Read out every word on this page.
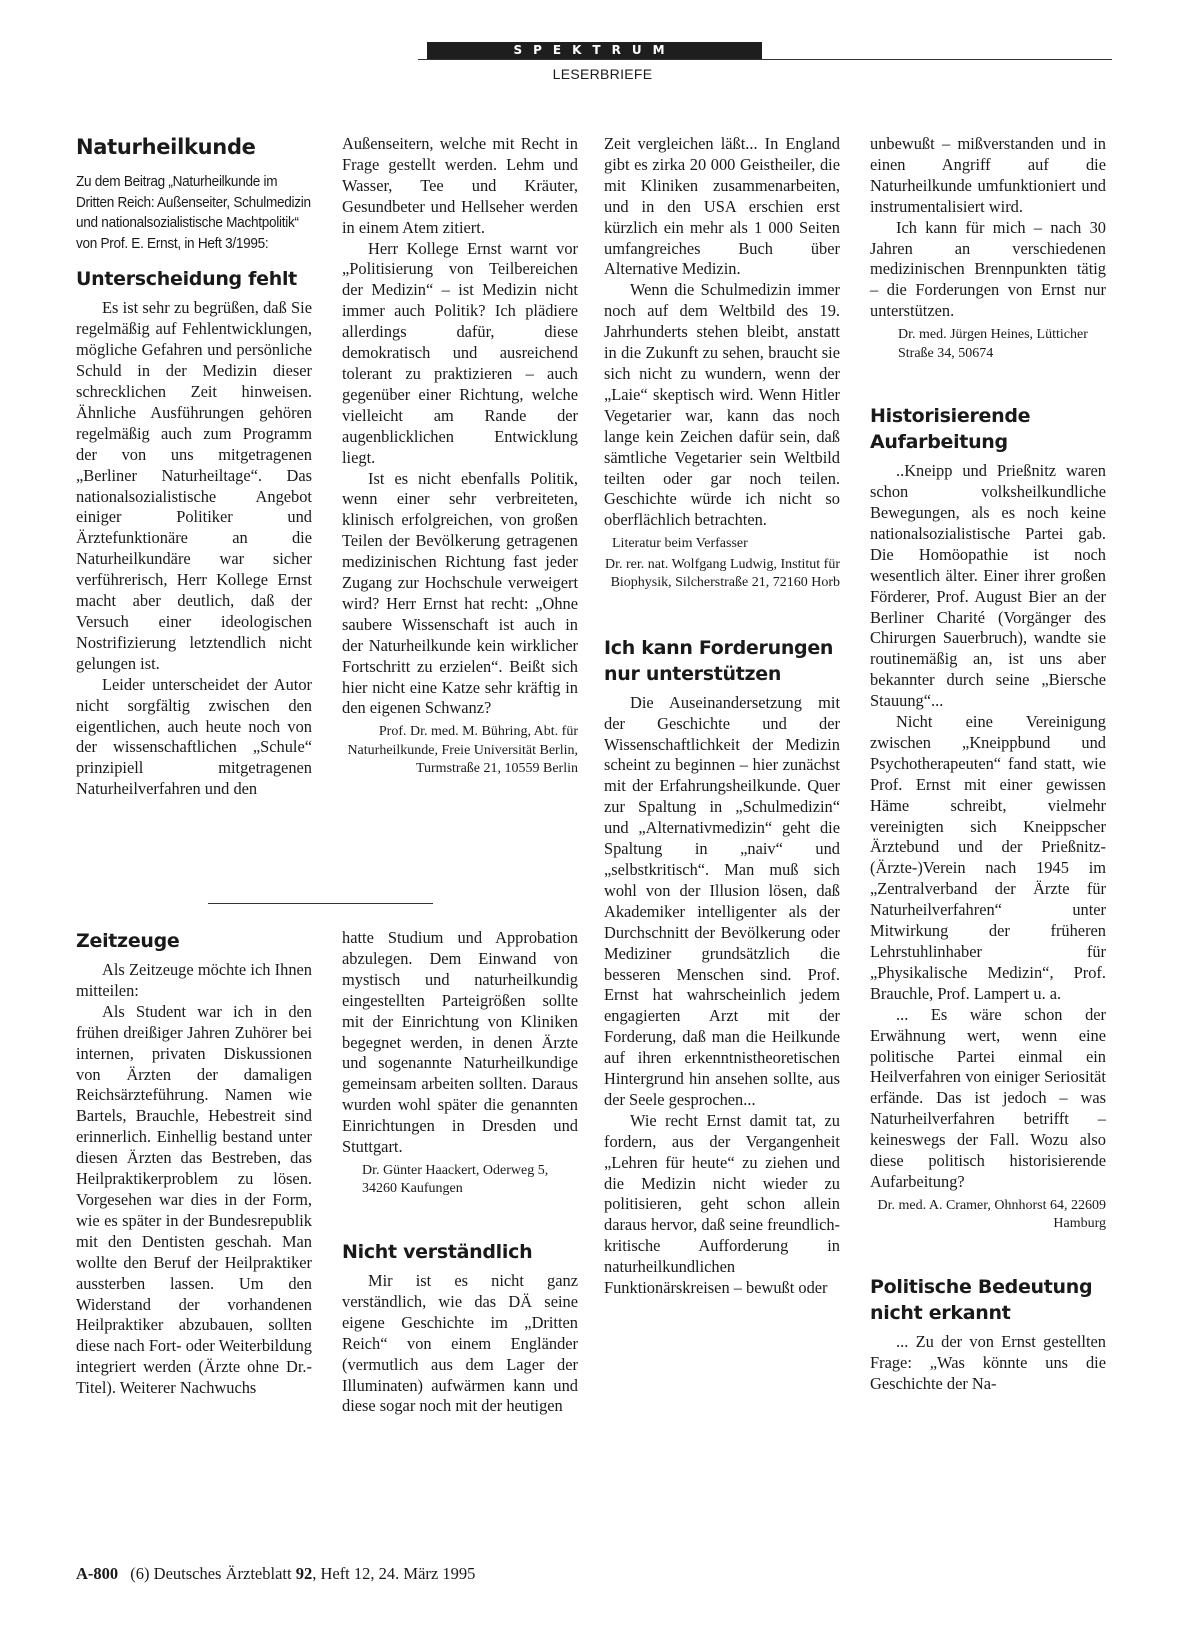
SPEKTRUM
LESERBRIEFE
Naturheilkunde
Zu dem Beitrag „Naturheilkunde im Dritten Reich: Außenseiter, Schulmedizin und nationalsozialistische Machtpolitik“ von Prof. E. Ernst, in Heft 3/1995:
Unterscheidung fehlt

Es ist sehr zu begrüßen, daß Sie regelmäßig auf Fehlentwicklungen, mögliche Gefahren und persönliche Schuld in der Medizin dieser schrecklichen Zeit hinweisen. Ähnliche Ausführungen gehören regelmäßig auch zum Programm der von uns mitgetragenen „Berliner Naturheiltage“. Das nationalsozialistische Angebot einiger Politiker und Ärztefunktionäre an die Naturheilkundäre war sicher verführerisch, Herr Kollege Ernst macht aber deutlich, daß der Versuch einer ideologischen Nostrifizierung letztendlich nicht gelungen ist.

Leider unterscheidet der Autor nicht sorgfältig zwischen den eigentlichen, auch heute noch von der wissenschaftlichen „Schule“ prinzipiell mitgetragenen Naturheilverfahren und den

Außenseitern, welche mit Recht in Frage gestellt werden. Lehm und Wasser, Tee und Kräuter, Gesundbeter und Hellseher werden in einem Atem zitiert.

Herr Kollege Ernst warnt vor „Politisierung von Teilbereichen der Medizin“ – ist Medizin nicht immer auch Politik? Ich plädiere allerdings dafür, diese demokratisch und ausreichend tolerant zu praktizieren – auch gegenüber einer Richtung, welche vielleicht am Rande der augenblicklichen Entwicklung liegt.

Ist es nicht ebenfalls Politik, wenn einer sehr verbreiteten, klinisch erfolgreichen, von großen Teilen der Bevölkerung getragenen medizinischen Richtung fast jeder Zugang zur Hochschule verweigert wird? Herr Ernst hat recht: „Ohne saubere Wissenschaft ist auch in der Naturheilkunde kein wirklicher Fortschritt zu erzielen“. Beißt sich hier nicht eine Katze sehr kräftig in den eigenen Schwanz?

Prof. Dr. med. M. Bühring, Abt. für Naturheilkunde, Freie Universität Berlin, Turmstraße 21, 10559 Berlin

Zeit vergleichen läßt... In England gibt es zirka 20 000 Geistheiler, die mit Kliniken zusammenarbeiten, und in den USA erschien erst kürzlich ein mehr als 1 000 Seiten umfangreiches Buch über Alternative Medizin.

Wenn die Schulmedizin immer noch auf dem Weltbild des 19. Jahrhunderts stehen bleibt, anstatt in die Zukunft zu sehen, braucht sie sich nicht zu wundern, wenn der „Laie“ skeptisch wird. Wenn Hitler Vegetarier war, kann das noch lange kein Zeichen dafür sein, daß sämtliche Vegetarier sein Weltbild teilten oder gar noch teilen. Geschichte würde ich nicht so oberflächlich betrachten.

Literatur beim Verfasser
Dr. rer. nat. Wolfgang Ludwig, Institut für Biophysik, Silcherstraße 21, 72160 Horb
Ich kann Forderungen nur unterstützen

Die Auseinandersetzung mit der Geschichte und der Wissenschaftlichkeit der Medizin scheint zu beginnen – hier zunächst mit der Erfahrungsheilkunde. Quer zur Spaltung in „Schulmedizin“ und „Alternativmedizin“ geht die Spaltung in „naiv“ und „selbstkritisch“. Man muß sich wohl von der Illusion lösen, daß Akademiker intelligenter als der Durchschnitt der Bevölkerung oder Mediziner grundsätzlich die besseren Menschen sind. Prof. Ernst hat wahrscheinlich jedem engagierten Arzt mit der Forderung, daß man die Heilkunde auf ihren erkenntnistheoretischen Hintergrund hin ansehen sollte, aus der Seele gesprochen...

Wie recht Ernst damit tat, zu fordern, aus der Vergangenheit „Lehren für heute“ zu ziehen und die Medizin nicht wieder zu politisieren, geht schon allein daraus hervor, daß seine freundlich-kritische Aufforderung in naturheilkundlichen Funktionärskreisen – bewußt oder

unbewußt – mißverstanden und in einen Angriff auf die Naturheilkunde umfunktioniert und instrumentalisiert wird.

Ich kann für mich – nach 30 Jahren an verschiedenen medizinischen Brennpunkten tätig – die Forderungen von Ernst nur unterstützen.

Dr. med. Jürgen Heines, Lütticher Straße 34, 50674
Historisierende Aufarbeitung

..Kneipp und Prießnitz waren schon volksheilkundliche Bewegungen, als es noch keine nationalsozialistische Partei gab. Die Homöopathie ist noch wesentlich älter. Einer ihrer großen Förderer, Prof. August Bier an der Berliner Charité (Vorgänger des Chirurgen Sauerbruch), wandte sie routinemäßig an, ist uns aber bekannter durch seine „Biersche Stauung“...

Nicht eine Vereinigung zwischen „Kneippbund und Psychotherapeuten“ fand statt, wie Prof. Ernst mit einer gewissen Häme schreibt, vielmehr vereinigten sich Kneippscher Ärztebund und der Prießnitz- (Ärzte-)Verein nach 1945 im „Zentralverband der Ärzte für Naturheilverfahren“ unter Mitwirkung der früheren Lehrstuhlinhaber für „Physikalische Medizin“, Prof. Brauchle, Prof. Lampert u. a.

... Es wäre schon der Erwähnung wert, wenn eine politische Partei einmal ein Heilverfahren von einiger Seriosität erfände. Das ist jedoch – was Naturheilverfahren betrifft – keineswegs der Fall. Wozu also diese politisch historisierende Aufarbeitung?

Dr. med. A. Cramer, Ohnhorst 64, 22609 Hamburg
Politische Bedeutung nicht erkannt

... Zu der von Ernst gestellten Frage: „Was könnte uns die Geschichte der Na-

Zeitzeuge

Als Zeitzeuge möchte ich Ihnen mitteilen:

Als Student war ich in den frühen dreißiger Jahren Zuhörer bei internen, privaten Diskussionen von Ärzten der damaligen Reichsärzteführung. Namen wie Bartels, Brauchle, Hebestreit sind erinnerlich. Einhellig bestand unter diesen Ärzten das Bestreben, das Heilpraktikerproblem zu lösen. Vorgesehen war dies in der Form, wie es später in der Bundesrepublik mit den Dentisten geschah. Man wollte den Beruf der Heilpraktiker aussterben lassen. Um den Widerstand der vorhandenen Heilpraktiker abzubauen, sollten diese nach Fort- oder Weiterbildung integriert werden (Ärzte ohne Dr.-Titel). Weiterer Nachwuchs

hatte Studium und Approbation abzulegen. Dem Einwand von mystisch und naturheilkundig eingestellten Parteigrößen sollte mit der Einrichtung von Kliniken begegnet werden, in denen Ärzte und sogenannte Naturheilkundige gemeinsam arbeiten sollten. Daraus wurden wohl später die genannten Einrichtungen in Dresden und Stuttgart.

Dr. Günter Haackert, Oderweg 5, 34260 Kaufungen
Nicht verständlich

Mir ist es nicht ganz verständlich, wie das DÄ seine eigene Geschichte im „Dritten Reich“ von einem Engländer (vermutlich aus dem Lager der Illuminaten) aufwärmen kann und diese sogar noch mit der heutigen

A-800 (6) Deutsches Ärzteblatt 92, Heft 12, 24. März 1995
